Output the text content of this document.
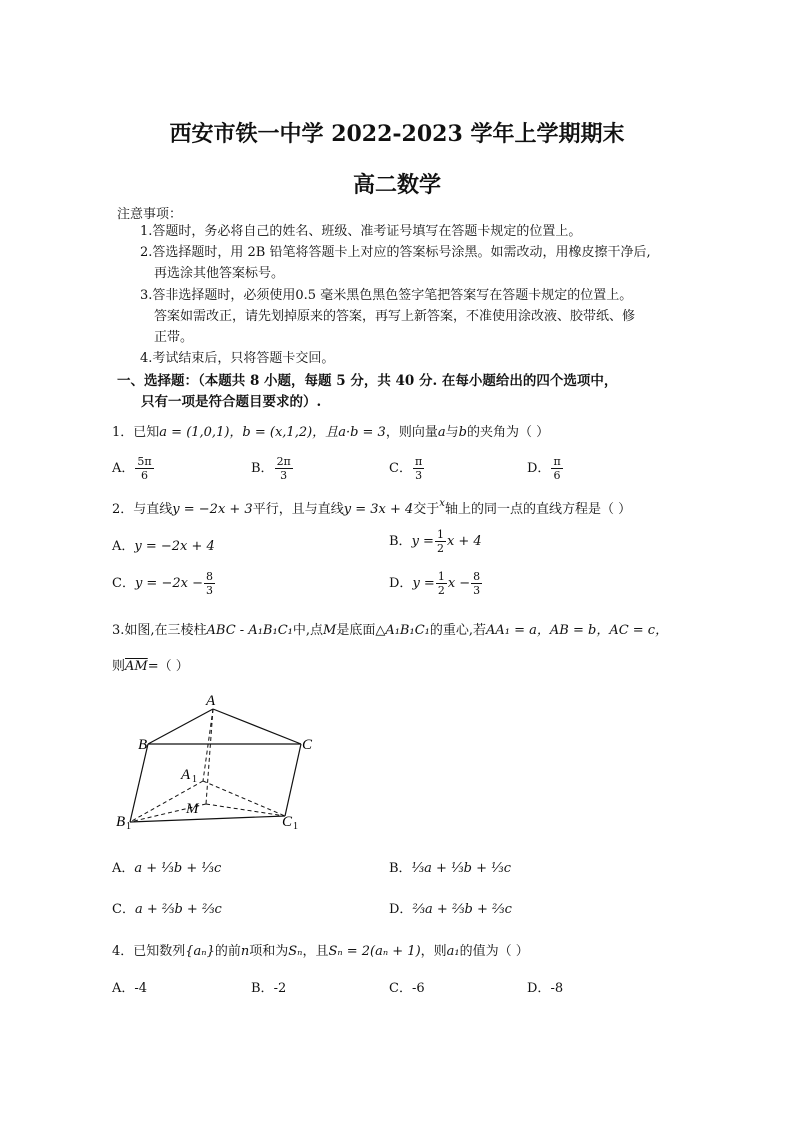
西安市铁一中学 2022-2023 学年上学期期末
高二数学
注意事项：
1.答题时，务必将自己的姓名、班级、准考证号填写在答题卡规定的位置上。
2.答选择题时，用 2B 铅笔将答题卡上对应的答案标号涂黑。如需改动，用橡皮擦干净后,
再选涂其他答案标号。
3.答非选择题时，必须使用0.5 毫米黑色黑色签字笔把答案写在答题卡规定的位置上。
答案如需改正，请先划掉原来的答案，再写上新答案，不准使用涂改液、胶带纸、修
正带。
4.考试结束后，只将答题卡交回。
一、选择题：（本题共 8 小题，每题 5 分，共 40 分. 在每小题给出的四个选项中，
只有一项是符合题目要求的）.
1．已知a = (1,0,1)，b = (x,1,2)，且a·b = 3，则向量a与b的夹角为（ ）
A． $\frac{5\pi}{6}$	B． $\frac{2\pi}{3}$	C． $\frac{\pi}{3}$	D． $\frac{\pi}{6}$
2．与直线y = −2x + 3平行，且与直线y = 3x + 4交于$^x$轴上的同一点的直线方程是（ ）
A．y = −2x + 4	B．$y = \frac{1}{2}$ x + 4
C．$y = -2x - \frac{8}{3}$	D．$y = \frac{1}{2}$ $x - \frac{8}{3}$
3.如图,在三棱柱ABC - A₁B₁C₁中,点M是底面△A₁B₁C₁的重心,若AA₁ = a，AB = b，AC = c，
则$\overline{AM}=$（ ）
A
B	C
A 1
M
B 1	C 1
A．a + ⅓b + ⅓c	B．⅓a + ⅓b + ⅓c
C．a + ⅔b + ⅔c	D．⅔a + ⅔b + ⅔c
4．已知数列{aₙ}的前n项和为Sₙ，且Sₙ = 2(aₙ + 1)，则a₁的值为（ ）
A．-4	B．-2	C．-6	D．-8
